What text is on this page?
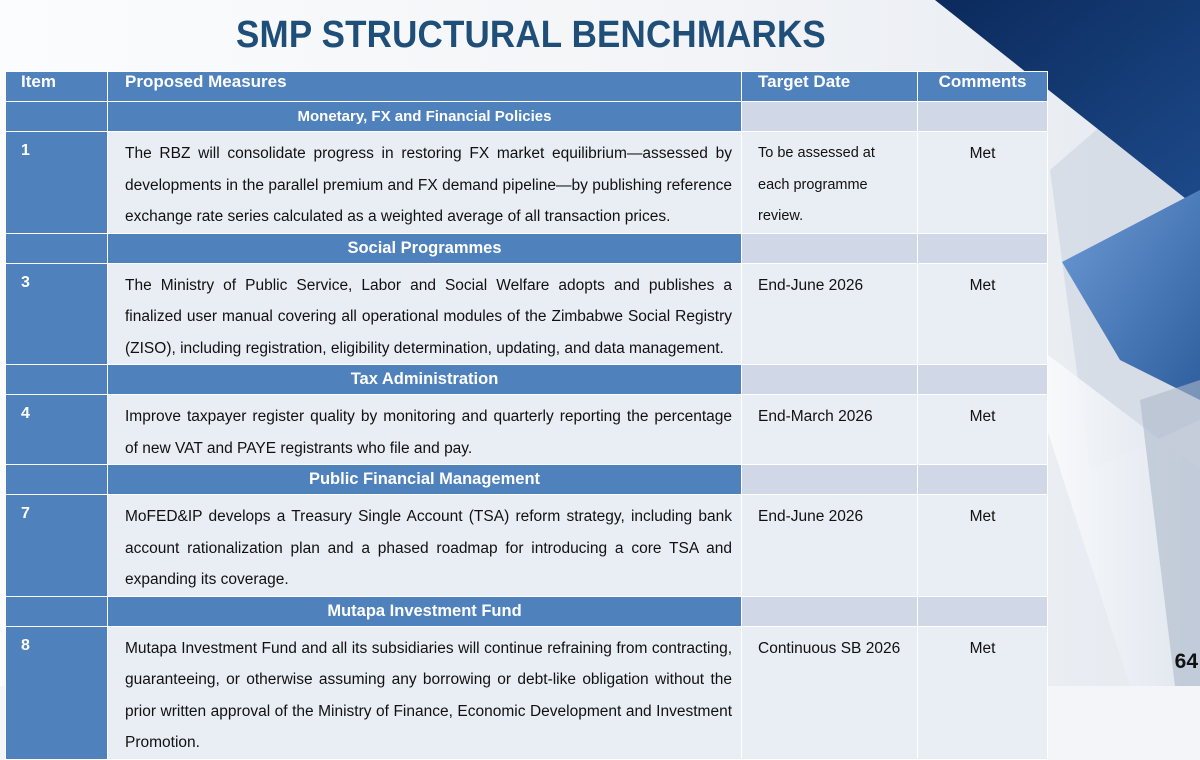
SMP STRUCTURAL BENCHMARKS
Item	Proposed Measures	Target Date	Comments
	Monetary, FX and Financial Policies		
1	The RBZ will consolidate progress in restoring FX market equilibrium—assessed by developments in the parallel premium and FX demand pipeline—by publishing reference exchange rate series calculated as a weighted average of all transaction prices.	To be assessed at each programme review.	Met
	Social Programmes		
3	The Ministry of Public Service, Labor and Social Welfare adopts and publishes a finalized user manual covering all operational modules of the Zimbabwe Social Registry (ZISO), including registration, eligibility determination, updating, and data management.	End-June 2026	Met
	Tax Administration		
4	Improve taxpayer register quality by monitoring and quarterly reporting the percentage of new VAT and PAYE registrants who file and pay.	End-March 2026	Met
	Public Financial Management		
7	MoFED&IP develops a Treasury Single Account (TSA) reform strategy, including bank account rationalization plan and a phased roadmap for introducing a core TSA and expanding its coverage.	End-June 2026	Met
	Mutapa Investment Fund		
8	Mutapa Investment Fund and all its subsidiaries will continue refraining from contracting, guaranteeing, or otherwise assuming any borrowing or debt-like obligation without the prior written approval of the Ministry of Finance, Economic Development and Investment Promotion.	Continuous SB 2026	Met
64
